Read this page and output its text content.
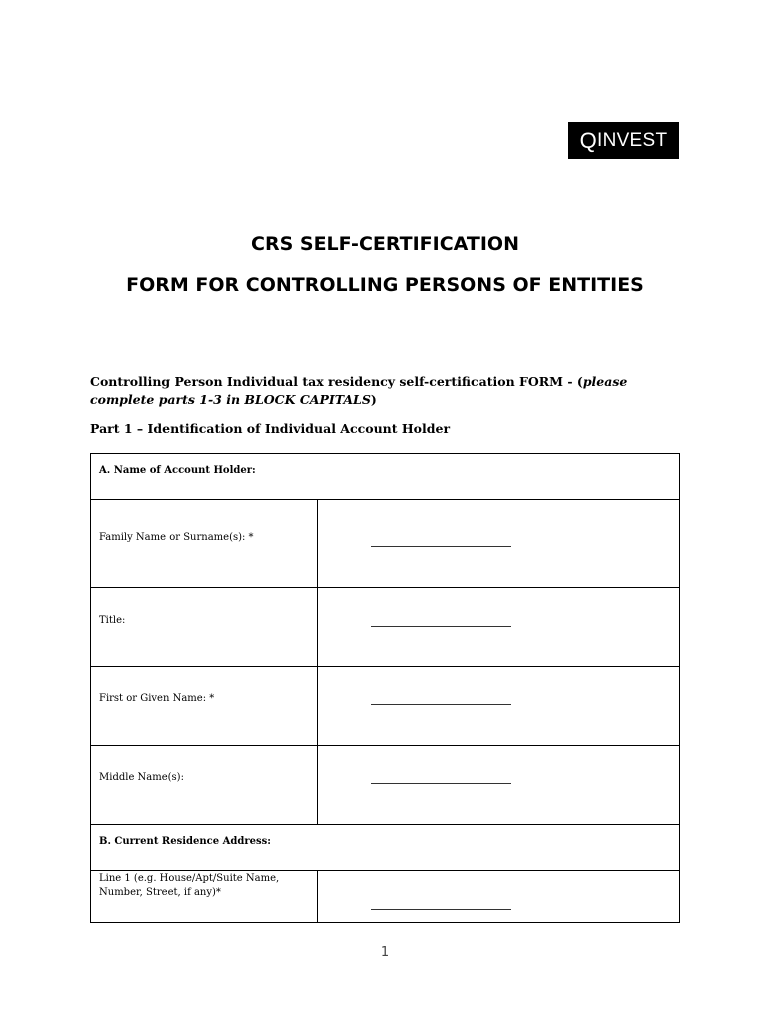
Q INVEST
CRS SELF-CERTIFICATION
FORM FOR CONTROLLING PERSONS OF ENTITIES

Controlling Person Individual tax residency self-certification FORM - (please complete parts 1-3 in BLOCK CAPITALS)

Part 1 – Identification of Individual Account Holder

A. Name of Account Holder:	

Family Name or Surname(s): *	

Title:	

First or Given Name: *	

Middle Name(s):	

B. Current Residence Address:	

Line 1 (e.g. House/Apt/Suite Name, Number, Street, if any)*	

1
